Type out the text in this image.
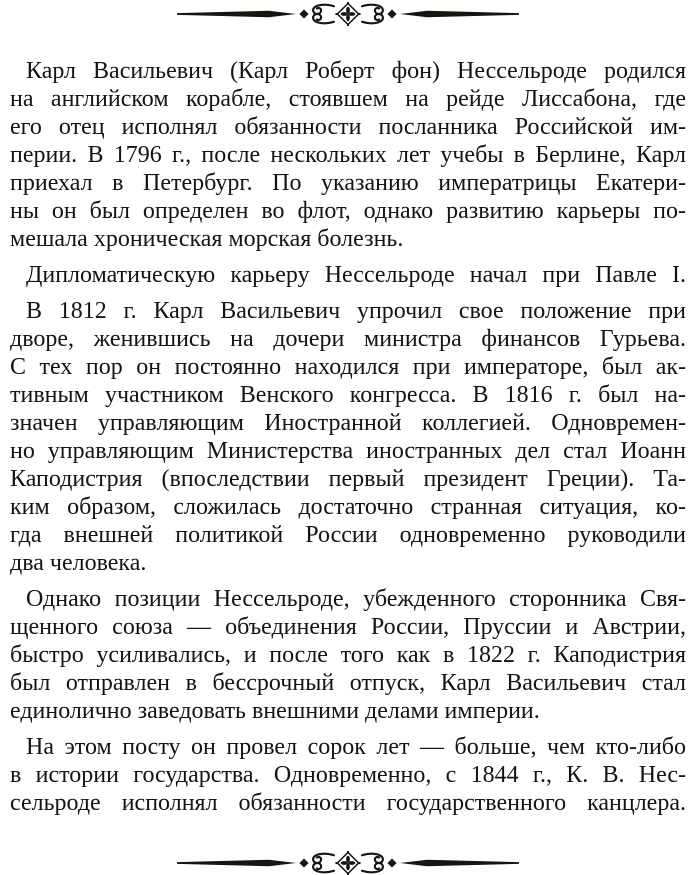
Карл Васильевич (Карл Роберт фон) Нессельроде родился
на английском корабле, стоявшем на рейде Лиссабона, где
его отец исполнял обязанности посланника Российской им-
перии. В 1796 г., после нескольких лет учебы в Берлине, Карл
приехал в Петербург. По указанию императрицы Екатери-
ны он был определен во флот, однако развитию карьеры по-
мешала хроническая морская болезнь.

Дипломатическую карьеру Нессельроде начал при Павле I.

В 1812 г. Карл Васильевич упрочил свое положение при
дворе, женившись на дочери министра финансов Гурьева.
С тех пор он постоянно находился при императоре, был ак-
тивным участником Венского конгресса. В 1816 г. был на-
значен управляющим Иностранной коллегией. Одновремен-
но управляющим Министерства иностранных дел стал Иоанн
Каподистрия (впоследствии первый президент Греции). Та-
ким образом, сложилась достаточно странная ситуация, ко-
гда внешней политикой России одновременно руководили
два человека.

Однако позиции Нессельроде, убежденного сторонника Свя-
щенного союза — объединения России, Пруссии и Австрии,
быстро усиливались, и после того как в 1822 г. Каподистрия
был отправлен в бессрочный отпуск, Карл Васильевич стал
единолично заведовать внешними делами империи.

На этом посту он провел сорок лет — больше, чем кто-либо
в истории государства. Одновременно, с 1844 г., К. В. Нес-
сельроде исполнял обязанности государственного канцлера.
